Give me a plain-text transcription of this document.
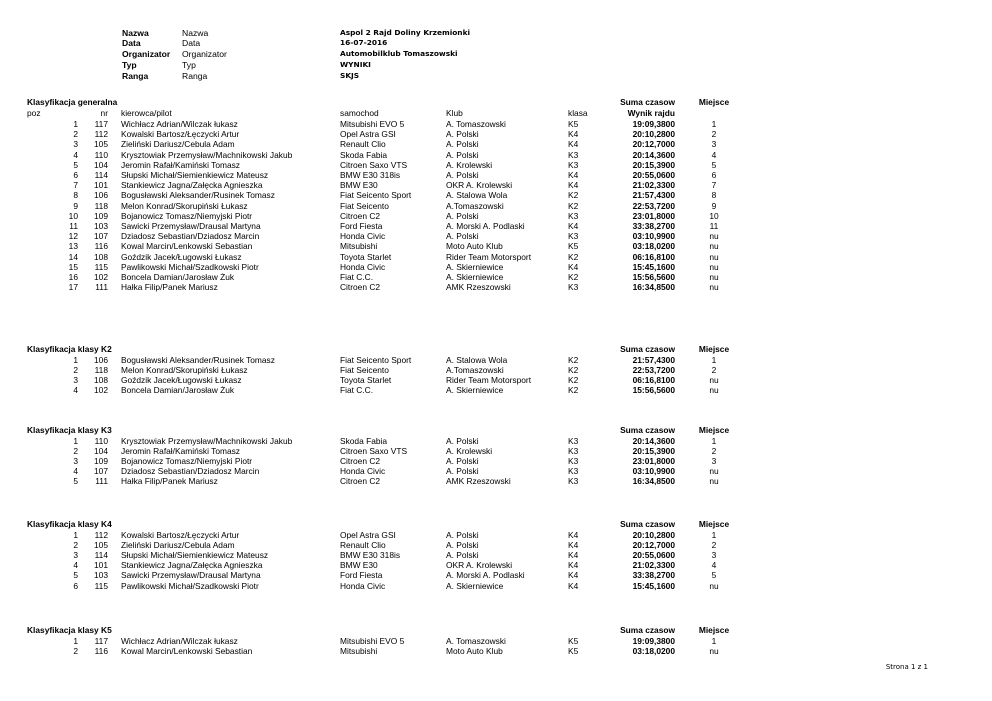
Nazwa	Nazwa	Aspol 2 Rajd Doliny Krzemionki
Data	Data	16-07-2016
Organizator Organizator	Automobilklub Tomaszowski
Typ	Typ	WYNIKI
Ranga	Ranga	SKJS
Klasyfikacja generalna	Suma czasow	Miejsce
poz	nr kierowca/pilot	samochod	Klub	klasa	Wynik rajdu
1 117 Wichłacz Adrian/Wilczak łukasz	Mitsubishi EVO 5	A. Tomaszowski	K5	19:09,3800	1
2 112 Kowalski Bartosz/Łęczycki Artur	Opel Astra GSI	A. Polski	K4	20:10,2800	2
3 105 Zieliński Dariusz/Cebula Adam	Renault Clio	A. Polski	K4	20:12,7000	3
4 110 Krysztowiak Przemysław/Machnikowski Jakub	Skoda Fabia	A. Polski	K3	20:14,3600	4
5 104 Jeromin Rafał/Kamiński Tomasz	Citroen Saxo VTS	A. Krolewski	K3	20:15,3900	5
6 114 Słupski Michał/Siemienkiewicz Mateusz	BMW E30 318is	A. Polski	K4	20:55,0600	6
7 101 Stankiewicz Jagna/Załęcka Agnieszka	BMW E30	OKR A. Krolewski	K4	21:02,3300	7
8 106 Bogusławski Aleksander/Rusinek Tomasz	Fiat Seicento Sport	A. Stalowa Wola	K2	21:57,4300	8
9 118 Melon Konrad/Skorupiński Łukasz	Fiat Seicento	A.Tomaszowski	K2	22:53,7200	9
10 109 Bojanowicz Tomasz/Niemyjski Piotr	Citroen C2	A. Polski	K3	23:01,8000	10
11 103 Sawicki Przemysław/Drausal Martyna	Ford Fiesta	A. Morski A. Podlaski	K4	33:38,2700	11
12 107 Dziadosz Sebastian/Dziadosz Marcin	Honda Civic	A. Polski	K3	03:10,9900	nu
13 116 Kowal Marcin/Lenkowski Sebastian	Mitsubishi	Moto Auto Klub	K5	03:18,0200	nu
14 108 Goździk Jacek/Ługowski Łukasz	Toyota Starlet	Rider Team Motorsport	K2	06:16,8100	nu
15 115 Pawlikowski Michał/Szadkowski Piotr	Honda Civic	A. Skierniewice	K4	15:45,1600	nu
16 102 Boncela Damian/Jarosław Żuk	Fiat C.C.	A. Skierniewice	K2	15:56,5600	nu
17 111 Hałka Filip/Panek Mariusz	Citroen C2	AMK Rzeszowski	K3	16:34,8500	nu
Klasyfikacja klasy K2	Suma czasow	Miejsce
1 106 Bogusławski Aleksander/Rusinek Tomasz	Fiat Seicento Sport	A. Stalowa Wola	K2	21:57,4300	1
2 118 Melon Konrad/Skorupiński Łukasz	Fiat Seicento	A.Tomaszowski	K2	22:53,7200	2
3 108 Goździk Jacek/Ługowski Łukasz	Toyota Starlet	Rider Team Motorsport	K2	06:16,8100	nu
4 102 Boncela Damian/Jarosław Żuk	Fiat C.C.	A. Skierniewice	K2	15:56,5600	nu
Klasyfikacja klasy K3	Suma czasow	Miejsce
1 110 Krysztowiak Przemysław/Machnikowski Jakub	Skoda Fabia	A. Polski	K3	20:14,3600	1
2 104 Jeromin Rafał/Kamiński Tomasz	Citroen Saxo VTS	A. Krolewski	K3	20:15,3900	2
3 109 Bojanowicz Tomasz/Niemyjski Piotr	Citroen C2	A. Polski	K3	23:01,8000	3
4 107 Dziadosz Sebastian/Dziadosz Marcin	Honda Civic	A. Polski	K3	03:10,9900	nu
5 111 Hałka Filip/Panek Mariusz	Citroen C2	AMK Rzeszowski	K3	16:34,8500	nu
Klasyfikacja klasy K4	Suma czasow	Miejsce
1 112 Kowalski Bartosz/Łęczycki Artur	Opel Astra GSI	A. Polski	K4	20:10,2800	1
2 105 Zieliński Dariusz/Cebula Adam	Renault Clio	A. Polski	K4	20:12,7000	2
3 114 Słupski Michał/Siemienkiewicz Mateusz	BMW E30 318is	A. Polski	K4	20:55,0600	3
4 101 Stankiewicz Jagna/Załęcka Agnieszka	BMW E30	OKR A. Krolewski	K4	21:02,3300	4
5 103 Sawicki Przemysław/Drausal Martyna	Ford Fiesta	A. Morski A. Podlaski	K4	33:38,2700	5
6 115 Pawlikowski Michał/Szadkowski Piotr	Honda Civic	A. Skierniewice	K4	15:45,1600	nu
Klasyfikacja klasy K5	Suma czasow	Miejsce
1 117 Wichłacz Adrian/Wilczak łukasz	Mitsubishi EVO 5	A. Tomaszowski	K5	19:09,3800	1
2 116 Kowal Marcin/Lenkowski Sebastian	Mitsubishi	Moto Auto Klub	K5	03:18,0200	nu
Strona 1 z 1
